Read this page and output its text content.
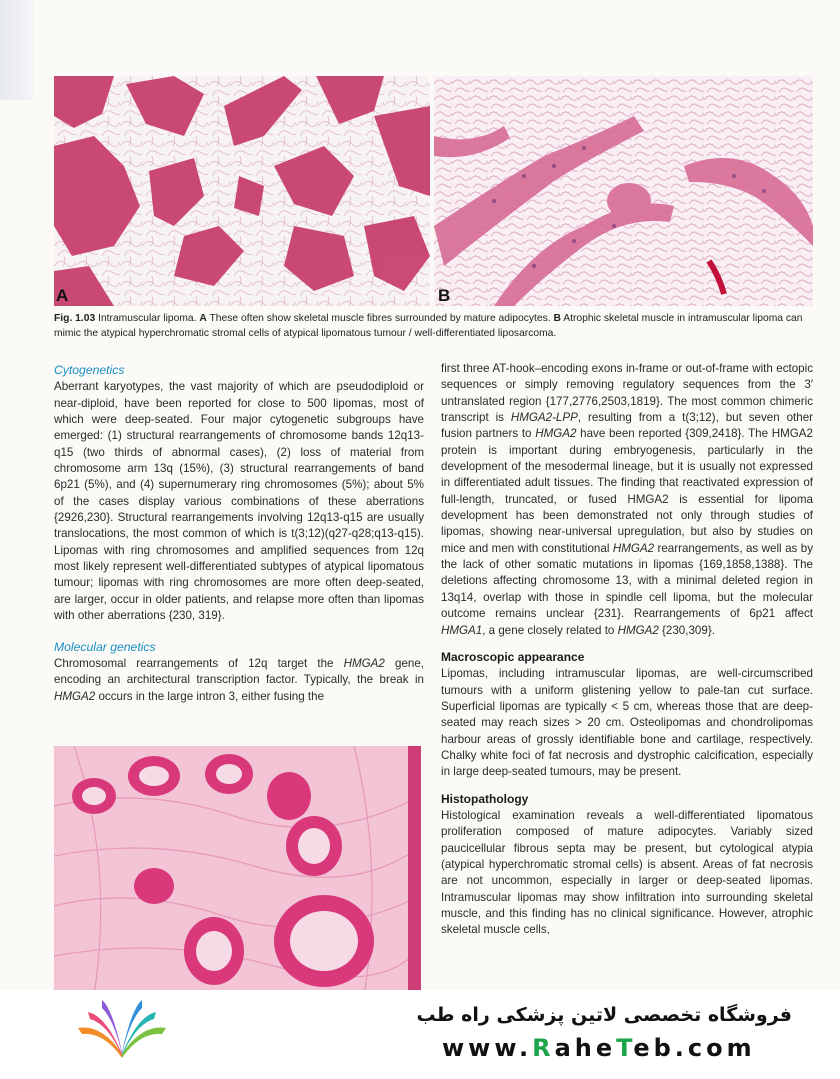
A	B
Fig. 1.03 Intramuscular lipoma. A These often show skeletal muscle fibres surrounded by mature adipocytes. B Atrophic skeletal muscle in intramuscular lipoma can mimic the atypical hyperchromatic stromal cells of atypical lipomatous tumour / well-differentiated liposarcoma.

Cytogenetics

Aberrant karyotypes, the vast majority of which are pseudodiploid or near-diploid, have been reported for close to 500 lipomas, most of which were deep-seated. Four major cytogenetic subgroups have emerged: (1) structural rearrangements of chromosome bands 12q13-q15 (two thirds of abnormal cases), (2) loss of material from chromosome arm 13q (15%), (3) structural rearrangements of band 6p21 (5%), and (4) supernumerary ring chromosomes (5%); about 5% of the cases display various combinations of these aberrations {2926,230}. Structural rearrangements involving 12q13-q15 are usually translocations, the most common of which is t(3;12)(q27-q28;q13-q15). Lipomas with ring chromosomes and amplified sequences from 12q most likely represent well-differentiated subtypes of atypical lipomatous tumour; lipomas with ring chromosomes are more often deep-seated, are larger, occur in older patients, and relapse more often than lipomas with other aberrations {230, 319}.

Molecular genetics

Chromosomal rearrangements of 12q target the HMGA2 gene, encoding an architectural transcription factor. Typically, the break in HMGA2 occurs in the large intron 3, either fusing the

first three AT-hook–encoding exons in-frame or out-of-frame with ectopic sequences or simply removing regulatory sequences from the 3′ untranslated region {177,2776,2503,1819}. The most common chimeric transcript is HMGA2-LPP, resulting from a t(3;12), but seven other fusion partners to HMGA2 have been reported {309,2418}. The HMGA2 protein is important during embryogenesis, particularly in the development of the mesodermal lineage, but it is usually not expressed in differentiated adult tissues. The finding that reactivated expression of full-length, truncated, or fused HMGA2 is essential for lipoma development has been demonstrated not only through studies of lipomas, showing near-universal upregulation, but also by studies on mice and men with constitutional HMGA2 rearrangements, as well as by the lack of other somatic mutations in lipomas {169,1858,1388}. The deletions affecting chromosome 13, with a minimal deleted region in 13q14, overlap with those in spindle cell lipoma, but the molecular outcome remains unclear {231}. Rearrangements of 6p21 affect HMGA1, a gene closely related to HMGA2 {230,309}.

Macroscopic appearance

Lipomas, including intramuscular lipomas, are well-circumscribed tumours with a uniform glistening yellow to pale-tan cut surface. Superficial lipomas are typically < 5 cm, whereas those that are deep-seated may reach sizes > 20 cm. Osteolipomas and chondrolipomas harbour areas of grossly identifiable bone and cartilage, respectively. Chalky white foci of fat necrosis and dystrophic calcification, especially in large deep-seated tumours, may be present.

Histopathology

Histological examination reveals a well-differentiated lipomatous proliferation composed of mature adipocytes. Variably sized paucicellular fibrous septa may be present, but cytological atypia (atypical hyperchromatic stromal cells) is absent. Areas of fat necrosis are not uncommon, especially in larger or deep-seated lipomas. Intramuscular lipomas may show infiltration into surrounding skeletal muscle, and this finding has no clinical significance. However, atrophic skeletal muscle cells,

فروشگاه تخصصی لاتین پزشکی راه طب
www.RaheTeb.com
